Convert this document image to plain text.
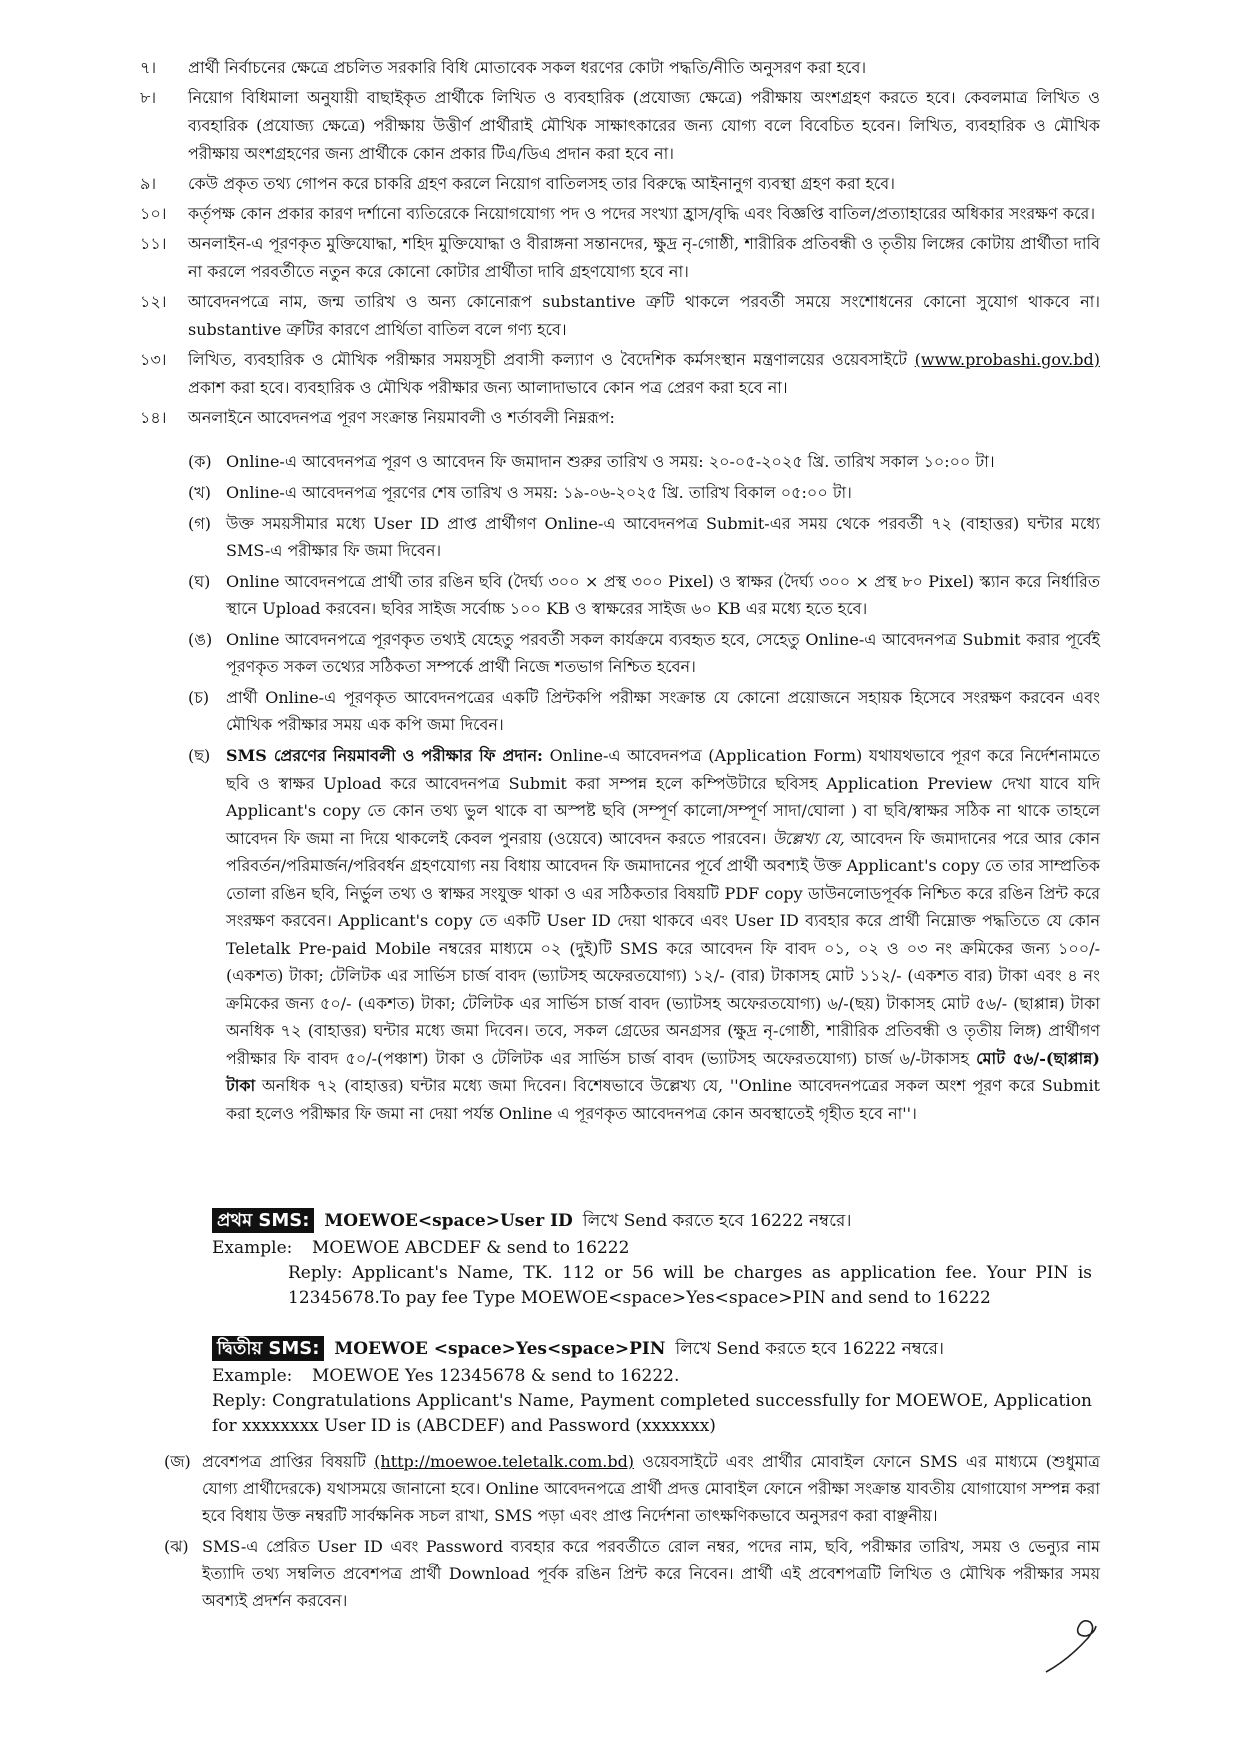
৭। প্রার্থী নির্বাচনের ক্ষেত্রে প্রচলিত সরকারি বিধি মোতাবেক সকল ধরণের কোটা পদ্ধতি/নীতি অনুসরণ করা হবে।
৮। নিয়োগ বিধিমালা অনুযায়ী বাছাইকৃত প্রার্থীকে লিখিত ও ব্যবহারিক (প্রযোজ্য ক্ষেত্রে) পরীক্ষায় অংশগ্রহণ করতে হবে। কেবলমাত্র লিখিত ও ব্যবহারিক (প্রযোজ্য ক্ষেত্রে) পরীক্ষায় উত্তীর্ণ প্রার্থীরাই মৌখিক সাক্ষাৎকারের জন্য যোগ্য বলে বিবেচিত হবেন। লিখিত, ব্যবহারিক ও মৌখিক পরীক্ষায় অংশগ্রহণের জন্য প্রার্থীকে কোন প্রকার টিএ/ডিএ প্রদান করা হবে না।
৯। কেউ প্রকৃত তথ্য গোপন করে চাকরি গ্রহণ করলে নিয়োগ বাতিলসহ তার বিরুদ্ধে আইনানুগ ব্যবস্থা গ্রহণ করা হবে।
১০। কর্তৃপক্ষ কোন প্রকার কারণ দর্শানো ব্যতিরেকে নিয়োগযোগ্য পদ ও পদের সংখ্যা হ্রাস/বৃদ্ধি এবং বিজ্ঞপ্তি বাতিল/প্রত্যাহারের অধিকার সংরক্ষণ করে।
১১। অনলাইন-এ পূরণকৃত মুক্তিযোদ্ধা, শহিদ মুক্তিযোদ্ধা ও বীরাঙ্গনা সন্তানদের, ক্ষুদ্র নৃ-গোষ্ঠী, শারীরিক প্রতিবন্ধী ও তৃতীয় লিঙ্গের কোটায় প্রার্থীতা দাবি না করলে পরবর্তীতে নতুন করে কোনো কোটার প্রার্থীতা দাবি গ্রহণযোগ্য হবে না।
১২। আবেদনপত্রে নাম, জন্ম তারিখ ও অন্য কোনোরূপ substantive ত্রুটি থাকলে পরবর্তী সময়ে সংশোধনের কোনো সুযোগ থাকবে না। substantive ত্রুটির কারণে প্রার্থিতা বাতিল বলে গণ্য হবে।
১৩। লিখিত, ব্যবহারিক ও মৌখিক পরীক্ষার সময়সূচী প্রবাসী কল্যাণ ও বৈদেশিক কর্মসংস্থান মন্ত্রণালয়ের ওয়েবসাইটে (www.probashi.gov.bd) প্রকাশ করা হবে। ব্যবহারিক ও মৌখিক পরীক্ষার জন্য আলাদাভাবে কোন পত্র প্রেরণ করা হবে না।
১৪। অনলাইনে আবেদনপত্র পূরণ সংক্রান্ত নিয়মাবলী ও শর্তাবলী নিম্নরূপ:
(ক) Online-এ আবেদনপত্র পূরণ ও আবেদন ফি জমাদান শুরুর তারিখ ও সময়: ২০-০৫-২০২৫ খ্রি. তারিখ সকাল ১০:০০ টা।
(খ) Online-এ আবেদনপত্র পূরণের শেষ তারিখ ও সময়: ১৯-০৬-২০২৫ খ্রি. তারিখ বিকাল ০৫:০০ টা।
(গ) উক্ত সময়সীমার মধ্যে User ID প্রাপ্ত প্রার্থীগণ Online-এ আবেদনপত্র Submit-এর সময় থেকে পরবর্তী ৭২ (বাহাত্তর) ঘন্টার মধ্যে SMS-এ পরীক্ষার ফি জমা দিবেন।
(ঘ) Online আবেদনপত্রে প্রার্থী তার রঙিন ছবি (দৈর্ঘ্য ৩০০ × প্রস্থ ৩০০ Pixel) ও স্বাক্ষর (দৈর্ঘ্য ৩০০ × প্রস্থ ৮০ Pixel) স্ক্যান করে নির্ধারিত স্থানে Upload করবেন। ছবির সাইজ সর্বোচ্চ ১০০ KB ও স্বাক্ষরের সাইজ ৬০ KB এর মধ্যে হতে হবে।
(ঙ) Online আবেদনপত্রে পূরণকৃত তথ্যই যেহেতু পরবর্তী সকল কার্যক্রমে ব্যবহৃত হবে, সেহেতু Online-এ আবেদনপত্র Submit করার পূর্বেই পূরণকৃত সকল তথ্যের সঠিকতা সম্পর্কে প্রার্থী নিজে শতভাগ নিশ্চিত হবেন।
(চ) প্রার্থী Online-এ পূরণকৃত আবেদনপত্রের একটি প্রিন্টকপি পরীক্ষা সংক্রান্ত যে কোনো প্রয়োজনে সহায়ক হিসেবে সংরক্ষণ করবেন এবং মৌখিক পরীক্ষার সময় এক কপি জমা দিবেন।
(ছ) SMS প্রেরণের নিয়মাবলী ও পরীক্ষার ফি প্রদান: Online-এ আবেদনপত্র (Application Form) যথাযথভাবে পূরণ করে নির্দেশনামতে ছবি ও স্বাক্ষর Upload করে আবেদনপত্র Submit করা সম্পন্ন হলে কম্পিউটারে ছবিসহ Application Preview দেখা যাবে যদি Applicant's copy তে কোন তথ্য ভুল থাকে বা অস্পষ্ট ছবি (সম্পূর্ণ কালো/সম্পূর্ণ সাদা/ঘোলা ) বা ছবি/স্বাক্ষর সঠিক না থাকে তাহলে আবেদন ফি জমা না দিয়ে থাকলেই কেবল পুনরায় (ওয়েবে) আবেদন করতে পারবেন। উল্লেখ্য যে, আবেদন ফি জমাদানের পরে আর কোন পরিবর্তন/পরিমার্জন/পরিবর্ধন গ্রহণযোগ্য নয় বিধায় আবেদন ফি জমাদানের পূর্বে প্রার্থী অবশ্যই উক্ত Applicant's copy তে তার সাম্প্রতিক তোলা রঙিন ছবি, নির্ভুল তথ্য ও স্বাক্ষর সংযুক্ত থাকা ও এর সঠিকতার বিষয়টি PDF copy ডাউনলোডপূর্বক নিশ্চিত করে রঙিন প্রিন্ট করে সংরক্ষণ করবেন। Applicant's copy তে একটি User ID দেয়া থাকবে এবং User ID ব্যবহার করে প্রার্থী নিম্নোক্ত পদ্ধতিতে যে কোন Teletalk Pre-paid Mobile নম্বরের মাধ্যমে ০২ (দুই)টি SMS করে আবেদন ফি বাবদ ০১, ০২ ও ০৩ নং ক্রমিকের জন্য ১০০/- (একশত) টাকা; টেলিটক এর সার্ভিস চার্জ বাবদ (ভ্যাটসহ অফেরতযোগ্য) ১২/- (বার) টাকাসহ মোট ১১২/- (একশত বার) টাকা এবং ৪ নং ক্রমিকের জন্য ৫০/- (একশত) টাকা; টেলিটক এর সার্ভিস চার্জ বাবদ (ভ্যাটসহ অফেরতযোগ্য) ৬/-(ছয়) টাকাসহ মোট ৫৬/- (ছাপ্পান্ন) টাকা অনধিক ৭২ (বাহাত্তর) ঘন্টার মধ্যে জমা দিবেন। তবে, সকল গ্রেডের অনগ্রসর (ক্ষুদ্র নৃ-গোষ্ঠী, শারীরিক প্রতিবন্ধী ও তৃতীয় লিঙ্গ) প্রার্থীগণ পরীক্ষার ফি বাবদ ৫০/-(পঞ্চাশ) টাকা ও টেলিটক এর সার্ভিস চার্জ বাবদ (ভ্যাটসহ অফেরতযোগ্য) চার্জ ৬/-টাকাসহ মোট ৫৬/-(ছাপ্পান্ন) টাকা অনধিক ৭২ (বাহাত্তর) ঘন্টার মধ্যে জমা দিবেন। বিশেষভাবে উল্লেখ্য যে, ''Online আবেদনপত্রের সকল অংশ পূরণ করে Submit করা হলেও পরীক্ষার ফি জমা না দেয়া পর্যন্ত Online এ পূরণকৃত আবেদনপত্র কোন অবস্থাতেই গৃহীত হবে না''।
প্রথম SMS: MOEWOE<space>User ID লিখে Send করতে হবে 16222 নম্বরে।
Example: MOEWOE ABCDEF & send to 16222
Reply: Applicant's Name, TK. 112 or 56 will be charges as application fee. Your PIN is 12345678.To pay fee Type MOEWOE<space>Yes<space>PIN and send to 16222
দ্বিতীয় SMS: MOEWOE <space>Yes<space>PIN লিখে Send করতে হবে 16222 নম্বরে।
Example: MOEWOE Yes 12345678 & send to 16222.
Reply: Congratulations Applicant's Name, Payment completed successfully for MOEWOE, Application for xxxxxxxx User ID is (ABCDEF) and Password (xxxxxxx)
(জ) প্রবেশপত্র প্রাপ্তির বিষয়টি (http://moewoe.teletalk.com.bd) ওয়েবসাইটে এবং প্রার্থীর মোবাইল ফোনে SMS এর মাধ্যমে (শুধুমাত্র যোগ্য প্রার্থীদেরকে) যথাসময়ে জানানো হবে। Online আবেদনপত্রে প্রার্থী প্রদত্ত মোবাইল ফোনে পরীক্ষা সংক্রান্ত যাবতীয় যোগাযোগ সম্পন্ন করা হবে বিধায় উক্ত নম্বরটি সার্বক্ষনিক সচল রাখা, SMS পড়া এবং প্রাপ্ত নির্দেশনা তাৎক্ষণিকভাবে অনুসরণ করা বাঞ্ছনীয়।
(ঝ) SMS-এ প্রেরিত User ID এবং Password ব্যবহার করে পরবর্তীতে রোল নম্বর, পদের নাম, ছবি, পরীক্ষার তারিখ, সময় ও ভেন্যুর নাম ইত্যাদি তথ্য সম্বলিত প্রবেশপত্র প্রার্থী Download পূর্বক রঙিন প্রিন্ট করে নিবেন। প্রার্থী এই প্রবেশপত্রটি লিখিত ও মৌখিক পরীক্ষার সময় অবশ্যই প্রদর্শন করবেন।
